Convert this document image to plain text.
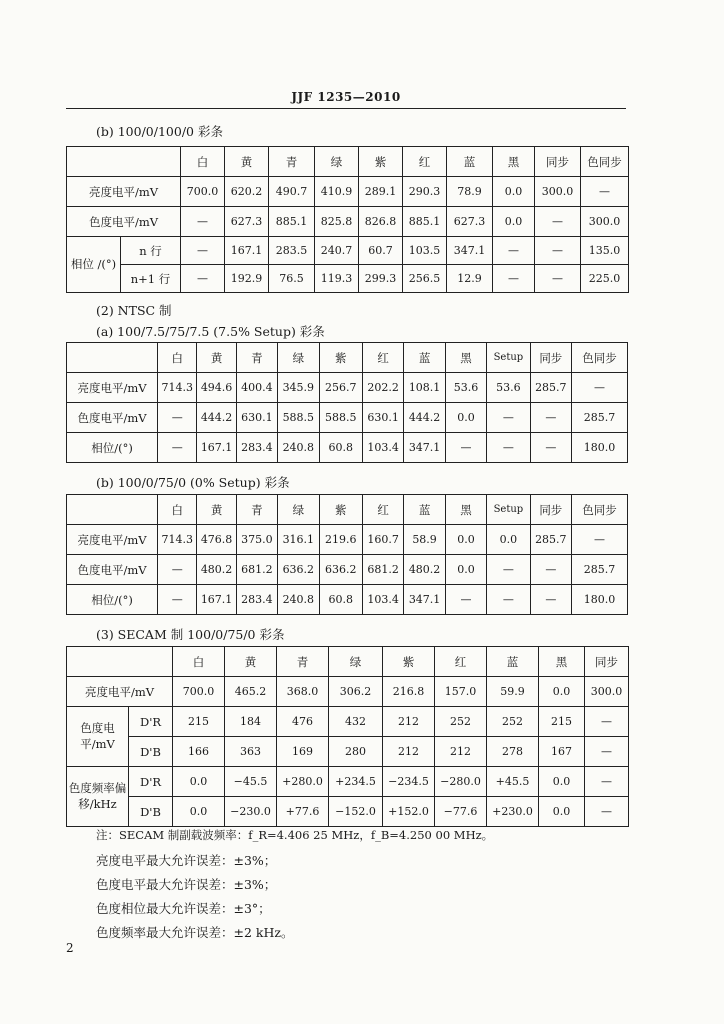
JJF 1235—2010
(b) 100/0/100/0 彩条
		白	黄	青	绿	紫	红	蓝	黑	同步	色同步
亮度电平/mV		700.0	620.2	490.7	410.9	289.1	290.3	78.9	0.0	300.0	—
色度电平/mV		—	627.3	885.1	825.8	826.8	885.1	627.3	0.0	—	300.0
相位 /(°)	n 行	—	167.1	283.5	240.7	60.7	103.5	347.1	—	—	135.0
	n+1 行	—	192.9	76.5	119.3	299.3	256.5	12.9	—	—	225.0
(2) NTSC 制
(a) 100/7.5/75/7.5 (7.5% Setup) 彩条
	白	黄	青	绿	紫	红	蓝	黑	Setup	同步	色同步
亮度电平/mV	714.3	494.6	400.4	345.9	256.7	202.2	108.1	53.6	53.6	285.7	—
色度电平/mV	—	444.2	630.1	588.5	588.5	630.1	444.2	0.0	—	—	285.7
相位/(°)	—	167.1	283.4	240.8	60.8	103.4	347.1	—	—	—	180.0
(b) 100/0/75/0 (0% Setup) 彩条
	白	黄	青	绿	紫	红	蓝	黑	Setup	同步	色同步
亮度电平/mV	714.3	476.8	375.0	316.1	219.6	160.7	58.9	0.0	0.0	285.7	—
色度电平/mV	—	480.2	681.2	636.2	636.2	681.2	480.2	0.0	—	—	285.7
相位/(°)	—	167.1	283.4	240.8	60.8	103.4	347.1	—	—	—	180.0
(3) SECAM 制 100/0/75/0 彩条
		白	黄	青	绿	紫	红	蓝	黑	同步
亮度电平/mV		700.0	465.2	368.0	306.2	216.8	157.0	59.9	0.0	300.0
色度电平/mV	D'R	215	184	476	432	212	252	252	215	—
	D'B	166	363	169	280	212	212	278	167	—
色度频率偏移/kHz	D'R	0.0	−45.5	+280.0	+234.5	−234.5	−280.0	+45.5	0.0	—
	D'B	0.0	−230.0	+77.6	−152.0	+152.0	−77.6	+230.0	0.0	—
注：SECAM 制副载波频率：f_R=4.406 25 MHz，f_B=4.250 00 MHz。
亮度电平最大允许误差：±3%；
色度电平最大允许误差：±3%；
色度相位最大允许误差：±3°；
色度频率最大允许误差：±2 kHz。
2
